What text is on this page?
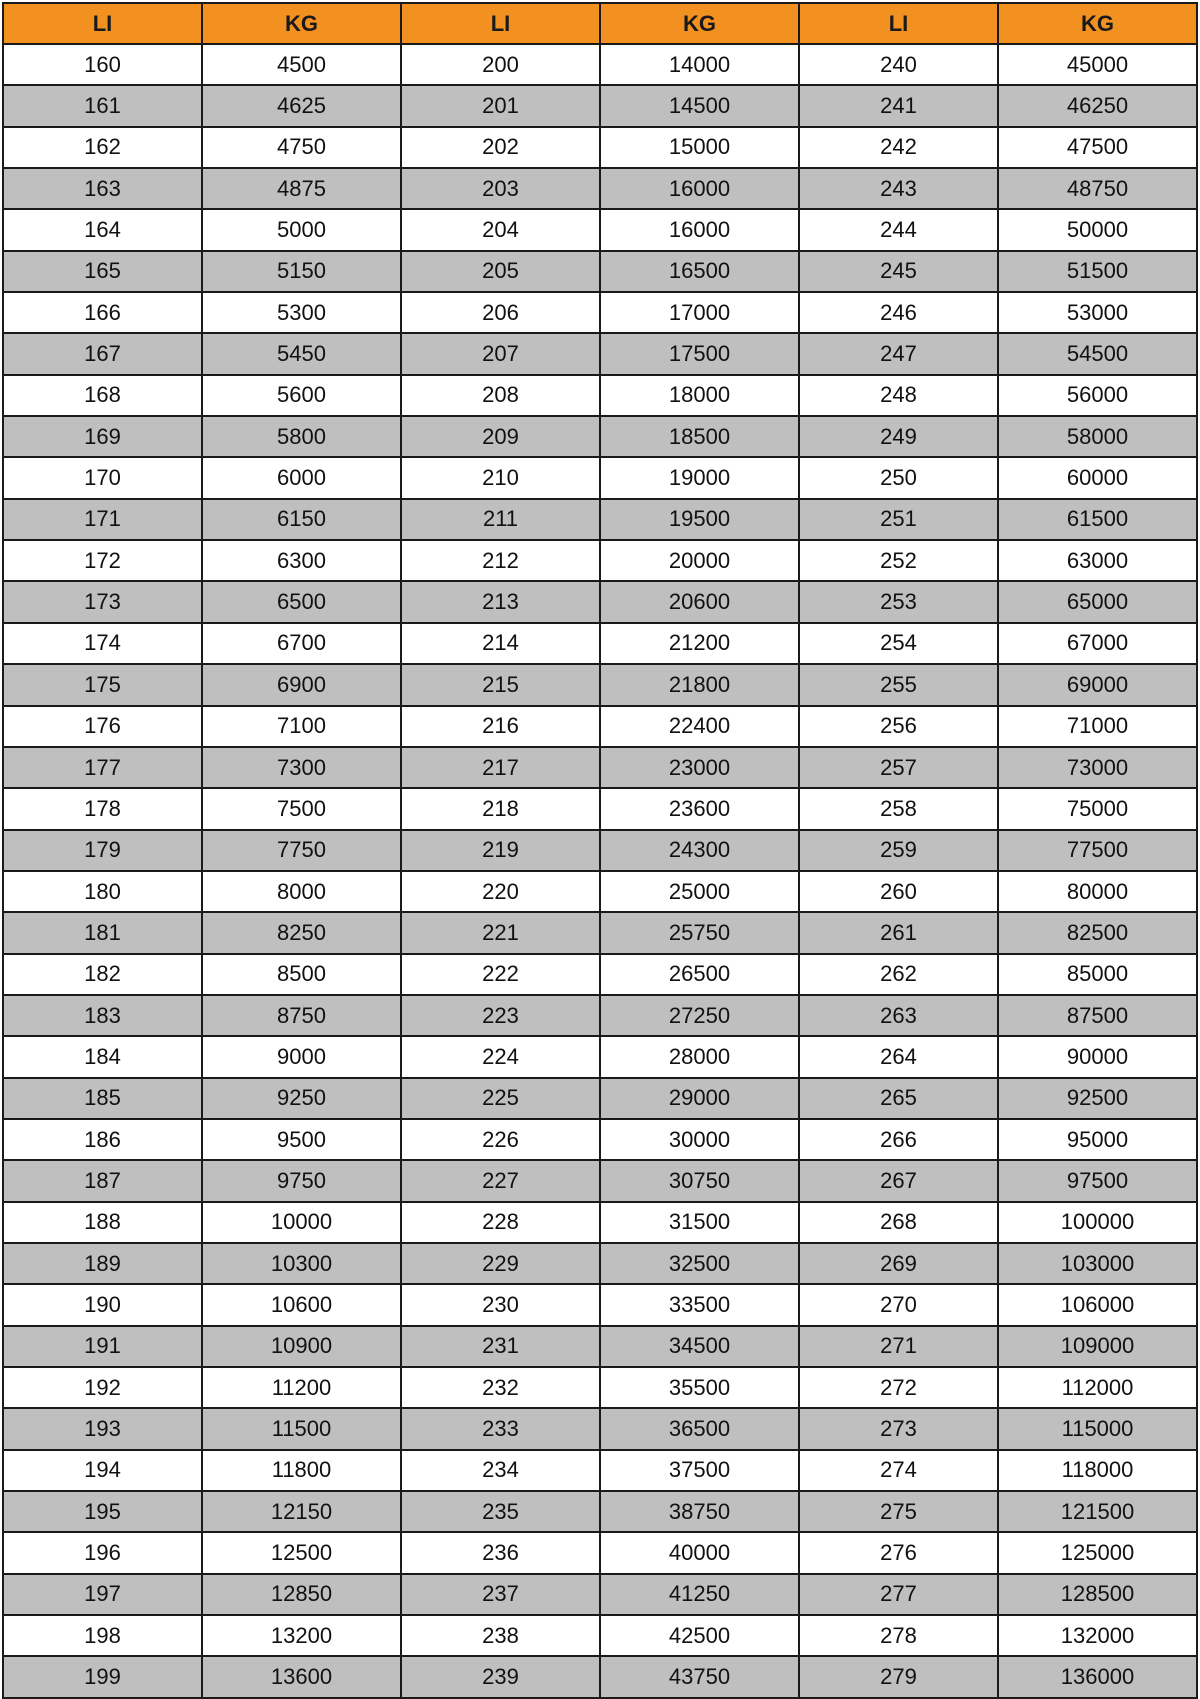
LI	KG	LI	KG	LI	KG
160	4500	200	14000	240	45000
161	4625	201	14500	241	46250
162	4750	202	15000	242	47500
163	4875	203	16000	243	48750
164	5000	204	16000	244	50000
165	5150	205	16500	245	51500
166	5300	206	17000	246	53000
167	5450	207	17500	247	54500
168	5600	208	18000	248	56000
169	5800	209	18500	249	58000
170	6000	210	19000	250	60000
171	6150	211	19500	251	61500
172	6300	212	20000	252	63000
173	6500	213	20600	253	65000
174	6700	214	21200	254	67000
175	6900	215	21800	255	69000
176	7100	216	22400	256	71000
177	7300	217	23000	257	73000
178	7500	218	23600	258	75000
179	7750	219	24300	259	77500
180	8000	220	25000	260	80000
181	8250	221	25750	261	82500
182	8500	222	26500	262	85000
183	8750	223	27250	263	87500
184	9000	224	28000	264	90000
185	9250	225	29000	265	92500
186	9500	226	30000	266	95000
187	9750	227	30750	267	97500
188	10000	228	31500	268	100000
189	10300	229	32500	269	103000
190	10600	230	33500	270	106000
191	10900	231	34500	271	109000
192	11200	232	35500	272	112000
193	11500	233	36500	273	115000
194	11800	234	37500	274	118000
195	12150	235	38750	275	121500
196	12500	236	40000	276	125000
197	12850	237	41250	277	128500
198	13200	238	42500	278	132000
199	13600	239	43750	279	136000
